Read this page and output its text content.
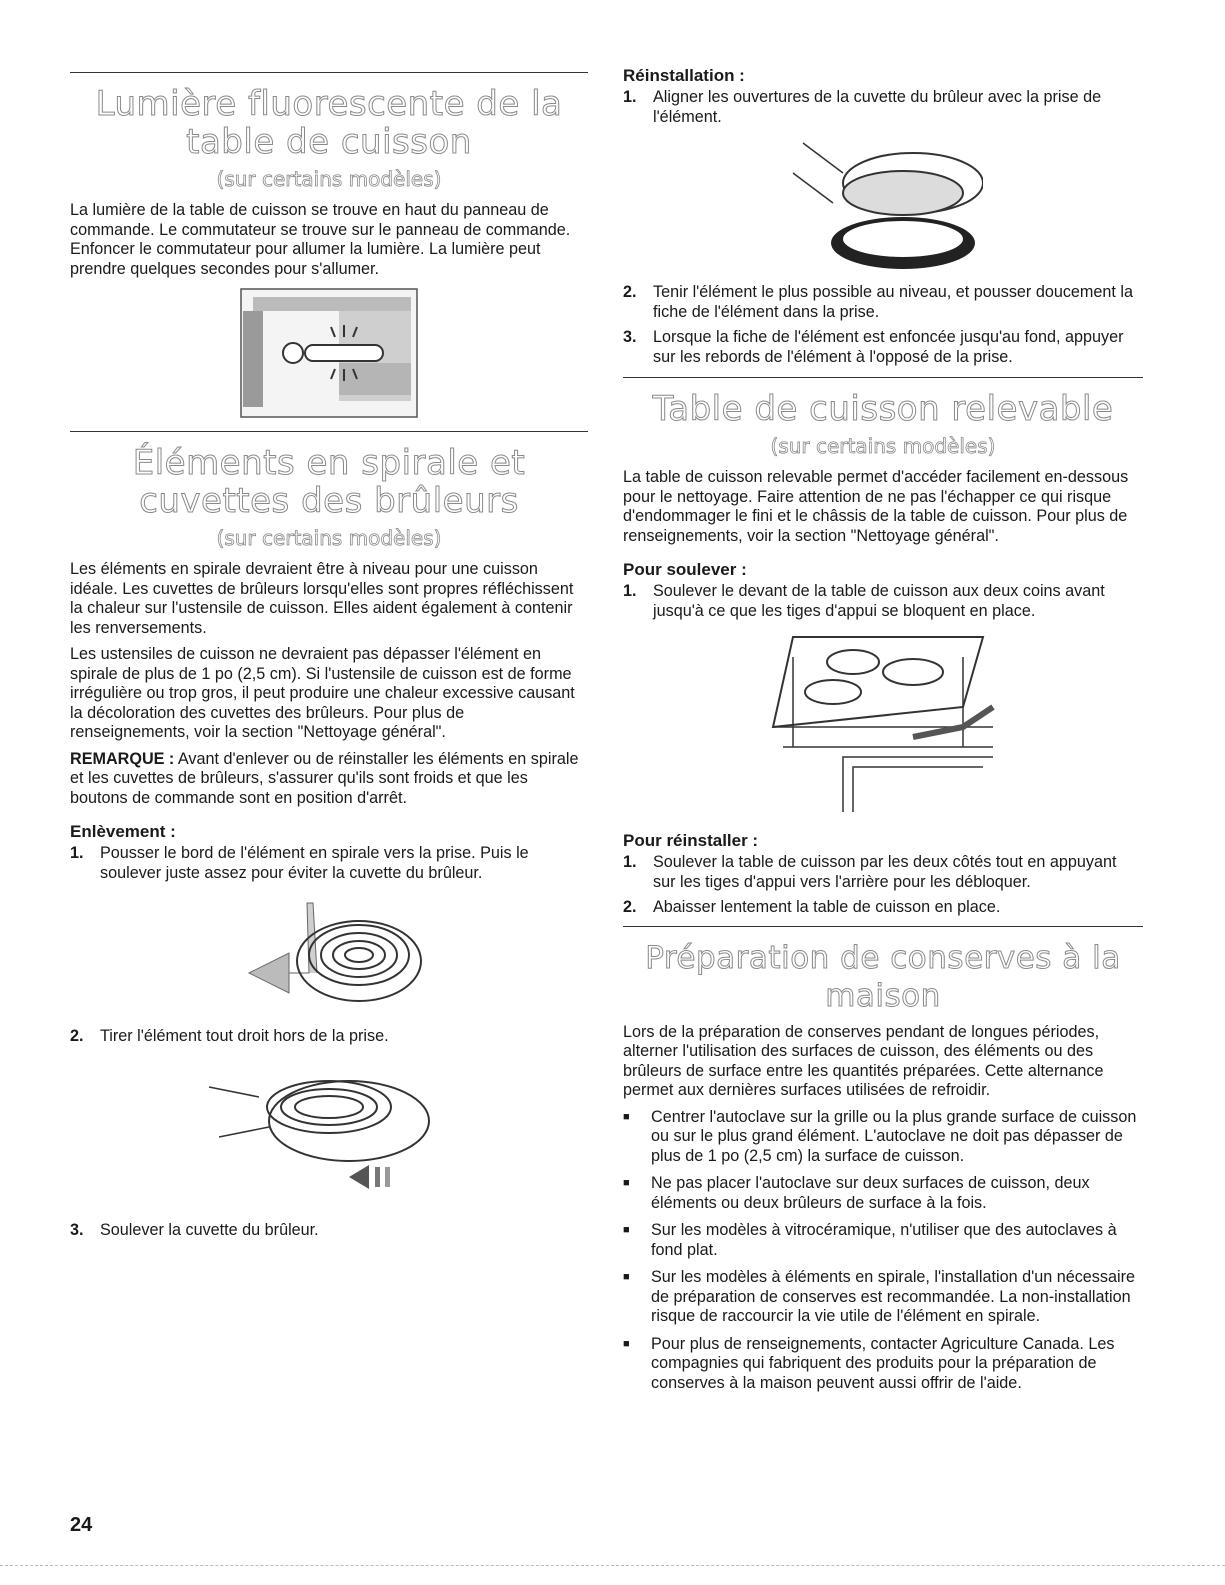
Lumière fluorescente de la table de cuisson
(sur certains modèles)

La lumière de la table de cuisson se trouve en haut du panneau de commande. Le commutateur se trouve sur le panneau de commande. Enfoncer le commutateur pour allumer la lumière. La lumière peut prendre quelques secondes pour s'allumer.

Éléments en spirale et cuvettes des brûleurs
(sur certains modèles)

Les éléments en spirale devraient être à niveau pour une cuisson idéale. Les cuvettes de brûleurs lorsqu'elles sont propres réfléchissent la chaleur sur l'ustensile de cuisson. Elles aident également à contenir les renversements.

Les ustensiles de cuisson ne devraient pas dépasser l'élément en spirale de plus de 1 po (2,5 cm). Si l'ustensile de cuisson est de forme irrégulière ou trop gros, il peut produire une chaleur excessive causant la décoloration des cuvettes des brûleurs. Pour plus de renseignements, voir la section "Nettoyage général".

REMARQUE : Avant d'enlever ou de réinstaller les éléments en spirale et les cuvettes de brûleurs, s'assurer qu'ils sont froids et que les boutons de commande sont en position d'arrêt.

Enlèvement :
1.	Pousser le bord de l'élément en spirale vers la prise. Puis le soulever juste assez pour éviter la cuvette du brûleur.
2.	Tirer l'élément tout droit hors de la prise.
3.	Soulever la cuvette du brûleur.
Réinstallation :
1.	Aligner les ouvertures de la cuvette du brûleur avec la prise de l'élément.
2.	Tenir l'élément le plus possible au niveau, et pousser doucement la fiche de l'élément dans la prise.
3.	Lorsque la fiche de l'élément est enfoncée jusqu'au fond, appuyer sur les rebords de l'élément à l'opposé de la prise.
Table de cuisson relevable
(sur certains modèles)

La table de cuisson relevable permet d'accéder facilement en-dessous pour le nettoyage. Faire attention de ne pas l'échapper ce qui risque d'endommager le fini et le châssis de la table de cuisson. Pour plus de renseignements, voir la section "Nettoyage général".

Pour soulever :
1.	Soulever le devant de la table de cuisson aux deux coins avant jusqu'à ce que les tiges d'appui se bloquent en place.
Pour réinstaller :
1.	Soulever la table de cuisson par les deux côtés tout en appuyant sur les tiges d'appui vers l'arrière pour les débloquer.
2.	Abaisser lentement la table de cuisson en place.
Préparation de conserves à la maison

Lors de la préparation de conserves pendant de longues périodes, alterner l'utilisation des surfaces de cuisson, des éléments ou des brûleurs de surface entre les quantités préparées. Cette alternance permet aux dernières surfaces utilisées de refroidir.

■	Centrer l'autoclave sur la grille ou la plus grande surface de cuisson ou sur le plus grand élément. L'autoclave ne doit pas dépasser de plus de 1 po (2,5 cm) la surface de cuisson.
■	Ne pas placer l'autoclave sur deux surfaces de cuisson, deux éléments ou deux brûleurs de surface à la fois.
■	Sur les modèles à vitrocéramique, n'utiliser que des autoclaves à fond plat.
■	Sur les modèles à éléments en spirale, l'installation d'un nécessaire de préparation de conserves est recommandée. La non-installation risque de raccourcir la vie utile de l'élément en spirale.
■	Pour plus de renseignements, contacter Agriculture Canada. Les compagnies qui fabriquent des produits pour la préparation de conserves à la maison peuvent aussi offrir de l'aide.
24
